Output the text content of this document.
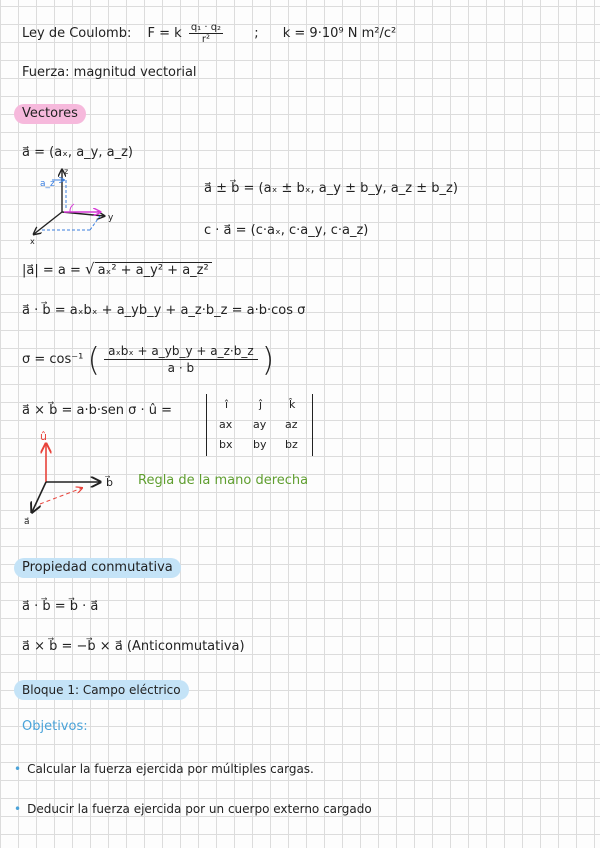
Ley de Coulomb: F = k $\frac{\text{q₁ · q₂}}{\text{r²}}$ ; k = 9·10⁹ N m²/c²
Fuerza: magnitud vectorial
Vectores
a⃗ = (aₓ, a_y, a_z)
a_z
z
y
x
a⃗ ± b⃗ = (aₓ ± bₓ, a_y ± b_y, a_z ± b_z)
c · a⃗ = (c·aₓ, c·a_y, c·a_z)
|a⃗| = a = √ aₓ² + a_y² + a_z²
a⃗ · b⃗ = aₓbₓ + a_yb_y + a_z·b_z = a·b·cos σ
σ = cos⁻¹ ( aₓbₓ + a_yb_y + a_z·b_z
a · b )
a⃗ × b⃗ = a·b·sen σ · û =	î	ĵ k̂
ax ay az
bx by bz
û
b⃗
a⃗
Regla de la mano derecha
Propiedad conmutativa
a⃗ · b⃗ = b⃗ · a⃗
a⃗ × b⃗ = −b⃗ × a⃗ (Anticonmutativa)
Bloque 1: Campo eléctrico
Objetivos:
• Calcular la fuerza ejercida por múltiples cargas.
• Deducir la fuerza ejercida por un cuerpo externo cargado
